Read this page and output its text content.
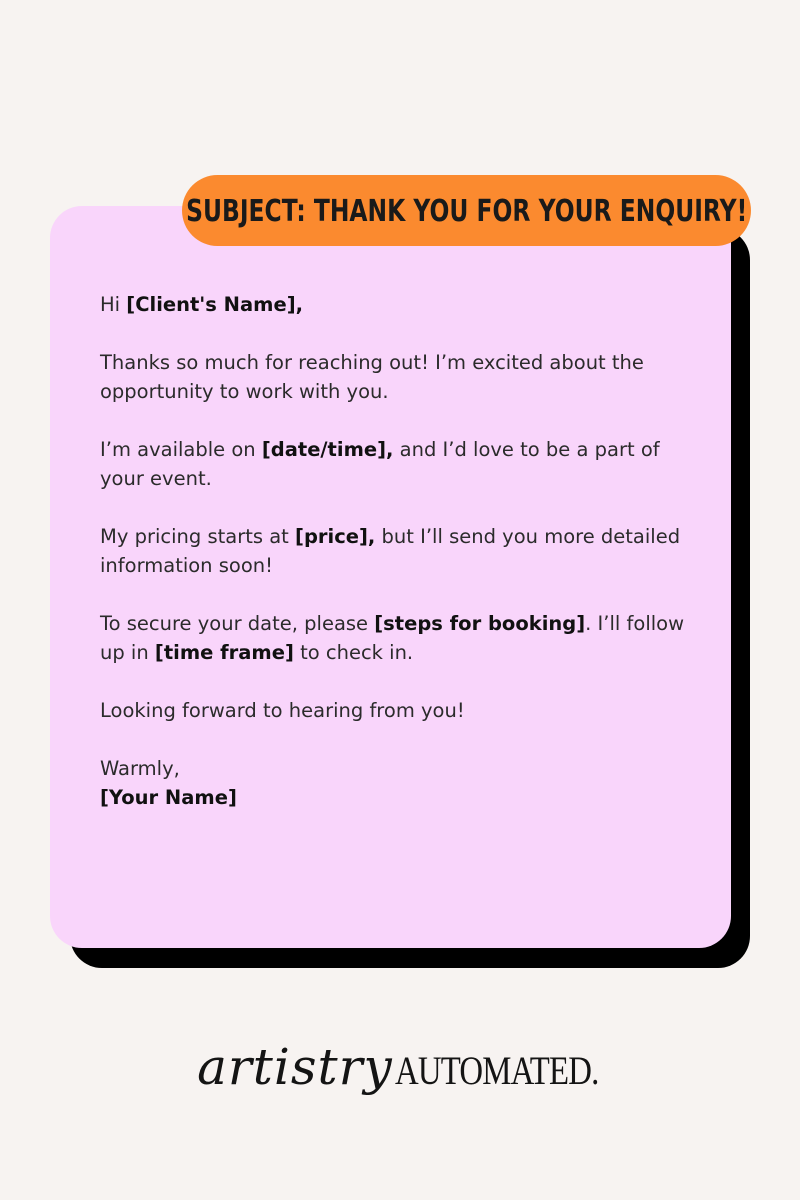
SUBJECT: THANK YOU FOR YOUR ENQUIRY!

Hi [Client's Name],

Thanks so much for reaching out! I’m excited about the opportunity to work with you.

I’m available on [date/time], and I’d love to be a part of your event.

My pricing starts at [price], but I’ll send you more detailed information soon!

To secure your date, please [steps for booking]. I’ll follow up in [time frame] to check in.

Looking forward to hearing from you!

Warmly,

[Your Name]

artistry AUTOMATED.
